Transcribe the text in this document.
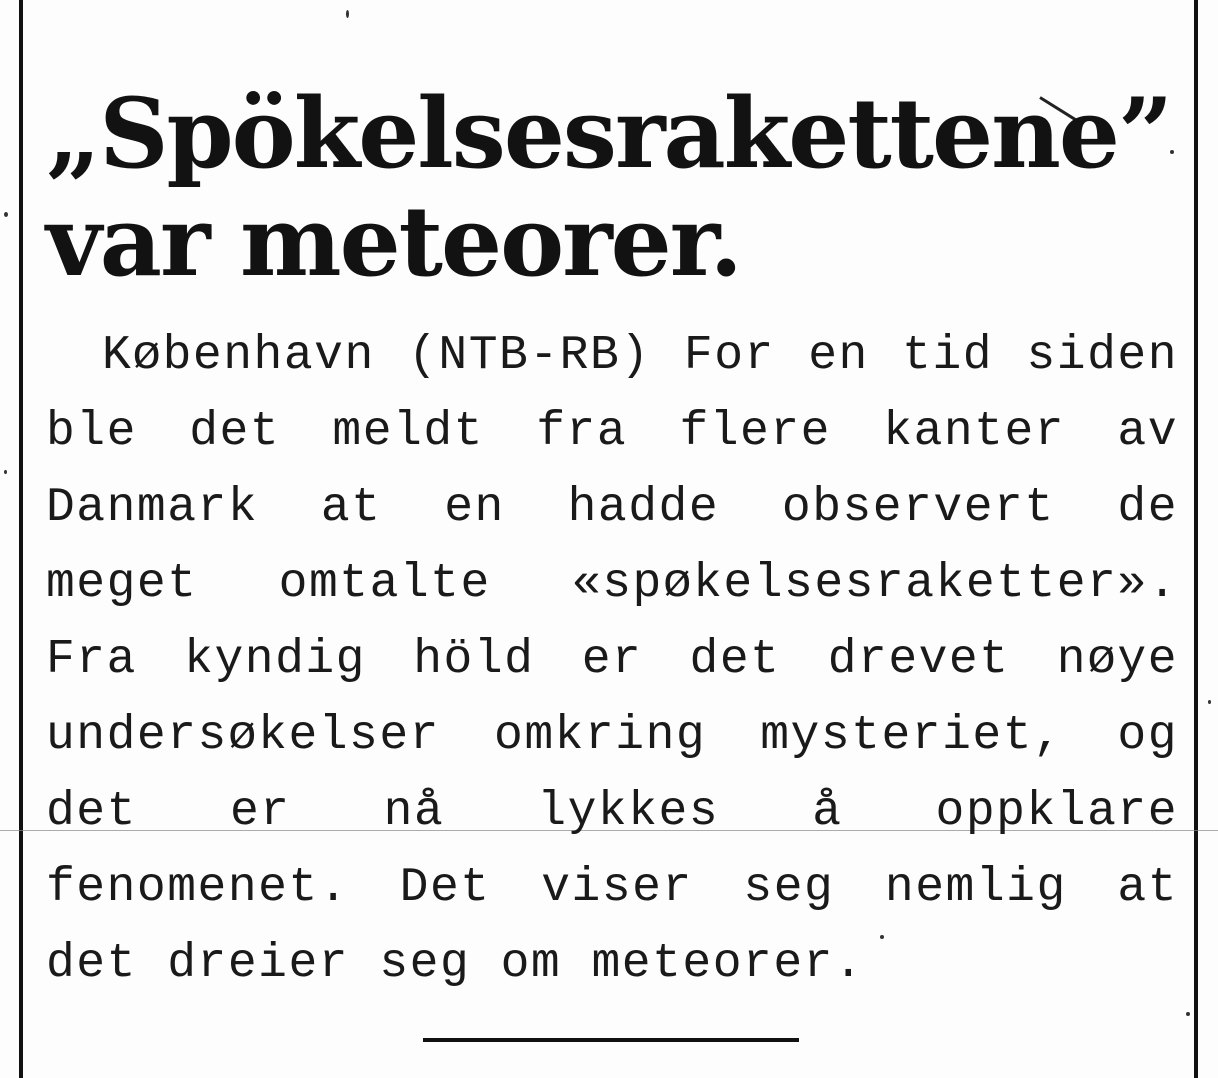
„Spökelsesrakettene”
var meteorer.

København (NTB-RB) For en tid siden ble det meldt fra flere kanter av Danmark at en hadde observert de meget omtalte «spøkelsesraketter». Fra kyndig höld er det drevet nøye undersøkelser omkring mysteriet, og det er nå lykkes å oppklare fenomenet. Det viser seg nemlig at det dreier seg om meteorer.
